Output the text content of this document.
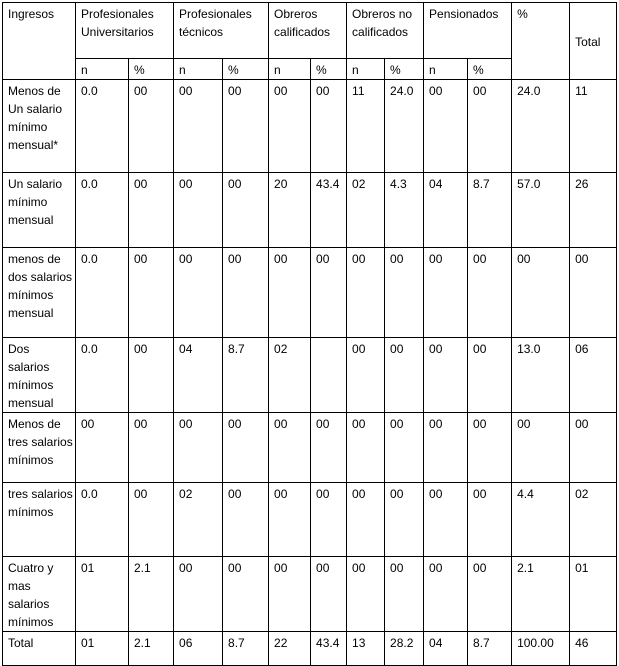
Ingresos	Profesionales Universitarios		Profesionales técnicos		Obreros calificados		Obreros no calificados		Pensionados		%	Total
	n	%	n	%	n	%	n	%	n	%		
Menos de Un salario mínimo mensual*	0.0	00	00	00	00	00	11	24.0	00	00	24.0	11
Un salario mínimo mensual	0.0	00	00	00	20	43.4	02	4.3	04	8.7	57.0	26
menos de dos salarios mínimos mensual	0.0	00	00	00	00	00	00	00	00	00	00	00
Dos salarios mínimos mensual	0.0	00	04	8.7	02		00	00	00	00	13.0	06
Menos de tres salarios mínimos	00	00	00	00	00	00	00	00	00	00	00	00
tres salarios mínimos	0.0	00	02	00	00	00	00	00	00	00	4.4	02
Cuatro y mas salarios mínimos	01	2.1	00	00	00	00	00	00	00	00	2.1	01
Total	01	2.1	06	8.7	22	43.4	13	28.2	04	8.7	100.00	46
